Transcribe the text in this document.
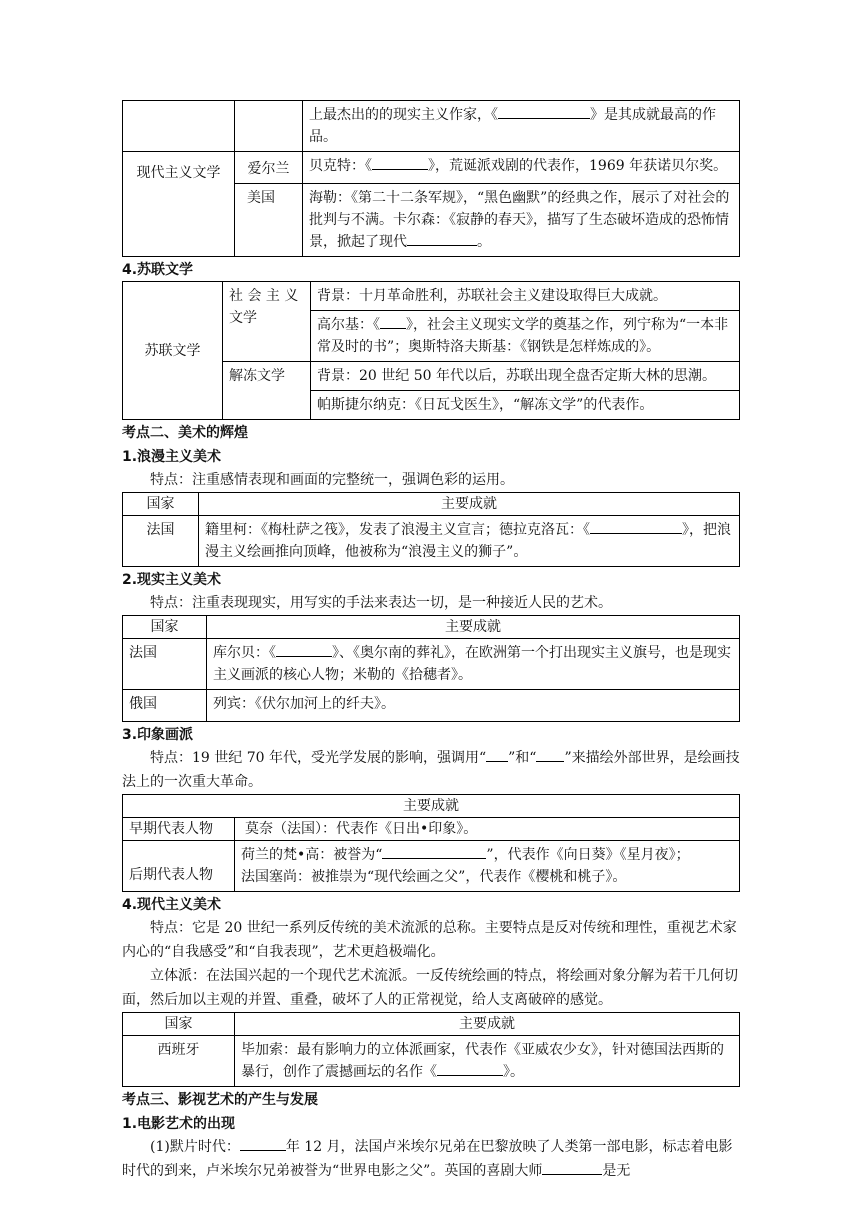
		上最杰出的的现实主义作家，《 》是其成就最高的作品。
现代主义文学	爱尔兰	贝克特：《 》，荒诞派戏剧的代表作，1969 年获诺贝尔奖。
	美国	海勒：《第二十二条军规》，“黑色幽默”的经典之作，展示了对社会的批判与不满。卡尔森：《寂静的春天》，描写了生态破坏造成的恐怖情景，掀起了现代 。

4.苏联文学

苏联文学	社 会 主 义 文学	背景：十月革命胜利，苏联社会主义建设取得巨大成就。
		高尔基：《 》，社会主义现实文学的奠基之作，列宁称为“一本非常及时的书”；奥斯特洛夫斯基：《钢铁是怎样炼成的》。
	解冻文学	背景：20 世纪 50 年代以后，苏联出现全盘否定斯大林的思潮。
		帕斯捷尔纳克：《日瓦戈医生》，“解冻文学”的代表作。

考点二、美术的辉煌

1.浪漫主义美术

特点：注重感情表现和画面的完整统一，强调色彩的运用。

国家	主要成就
法国	籍里柯：《梅杜萨之筏》，发表了浪漫主义宣言；德拉克洛瓦：《 》，把浪漫主义绘画推向顶峰，他被称为“浪漫主义的狮子”。

2.现实主义美术

特点：注重表现现实，用写实的手法来表达一切，是一种接近人民的艺术。

国家	主要成就
法国	库尔贝：《 》、《奥尔南的葬礼》，在欧洲第一个打出现实主义旗号，也是现实主义画派的核心人物；米勒的《拾穗者》。
俄国	列宾：《伏尔加河上的纤夫》。

3.印象画派

特点：19 世纪 70 年代，受光学发展的影响，强调用“ ”和“ ”来描绘外部世界，是绘画技法上的一次重大革命。

主要成就	
早期代表人物	莫奈（法国）：代表作《日出•印象》。
后期代表人物	荷兰的梵•高：被誉为“ ”，代表作《向日葵》《星月夜》；
法国塞尚：被推崇为“现代绘画之父”，代表作《樱桃和桃子》。

4.现代主义美术

特点：它是 20 世纪一系列反传统的美术流派的总称。主要特点是反对传统和理性，重视艺术家内心的“自我感受”和“自我表现”，艺术更趋极端化。

立体派：在法国兴起的一个现代艺术流派。一反传统绘画的特点，将绘画对象分解为若干几何切面，然后加以主观的并置、重叠，破坏了人的正常视觉，给人支离破碎的感觉。

国家	主要成就
西班牙	毕加索：最有影响力的立体派画家，代表作《亚威农少女》，针对德国法西斯的暴行，创作了震撼画坛的名作《 》。

考点三、影视艺术的产生与发展

1.电影艺术的出现

(1)默片时代：	年 12 月，法国卢米埃尔兄弟在巴黎放映了人类第一部电影，标志着电影时代的到来，卢米埃尔兄弟被誉为“世界电影之父”。英国的喜剧大师	是无
